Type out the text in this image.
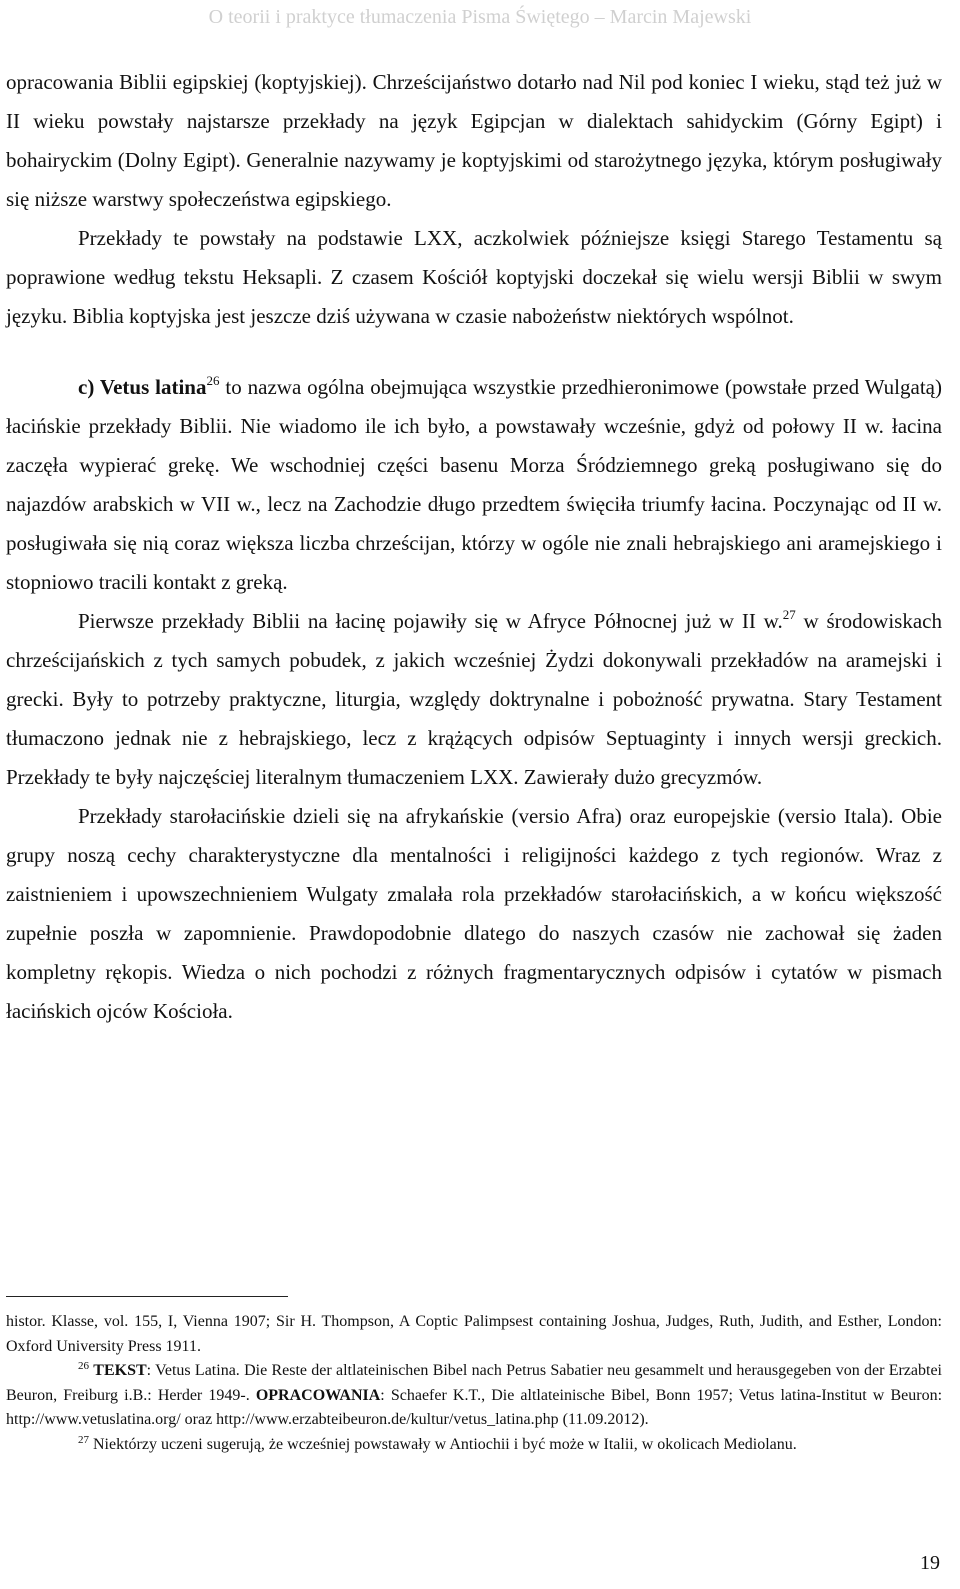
O teorii i praktyce tłumaczenia Pisma Świętego – Marcin Majewski

opracowania Biblii egipskiej (koptyjskiej). Chrześcijaństwo dotarło nad Nil pod koniec I wieku, stąd też już w II wieku powstały najstarsze przekłady na język Egipcjan w dialektach sahidyckim (Górny Egipt) i bohairyckim (Dolny Egipt). Generalnie nazywamy je koptyjskimi od starożytnego języka, którym posługiwały się niższe warstwy społeczeństwa egipskiego.

Przekłady te powstały na podstawie LXX, aczkolwiek późniejsze księgi Starego Testamentu są poprawione według tekstu Heksapli. Z czasem Kościół koptyjski doczekał się wielu wersji Biblii w swym języku. Biblia koptyjska jest jeszcze dziś używana w czasie nabożeństw niektórych wspólnot.

c) Vetus latina$^{26}$ to nazwa ogólna obejmująca wszystkie przedhieronimowe (powstałe przed Wulgatą) łacińskie przekłady Biblii. Nie wiadomo ile ich było, a powstawały wcześnie, gdyż od połowy II w. łacina zaczęła wypierać grekę. We wschodniej części basenu Morza Śródziemnego greką posługiwano się do najazdów arabskich w VII w., lecz na Zachodzie długo przedtem święciła triumfy łacina. Poczynając od II w. posługiwała się nią coraz większa liczba chrześcijan, którzy w ogóle nie znali hebrajskiego ani aramejskiego i stopniowo tracili kontakt z greką.

Pierwsze przekłady Biblii na łacinę pojawiły się w Afryce Północnej już w II w.$^{27}$ w środowiskach chrześcijańskich z tych samych pobudek, z jakich wcześniej Żydzi dokonywali przekładów na aramejski i grecki. Były to potrzeby praktyczne, liturgia, względy doktrynalne i pobożność prywatna. Stary Testament tłumaczono jednak nie z hebrajskiego, lecz z krążących odpisów Septuaginty i innych wersji greckich. Przekłady te były najczęściej literalnym tłumaczeniem LXX. Zawierały dużo grecyzmów.

Przekłady starołacińskie dzieli się na afrykańskie (versio Afra) oraz europejskie (versio Itala). Obie grupy noszą cechy charakterystyczne dla mentalności i religijności każdego z tych regionów. Wraz z zaistnieniem i upowszechnieniem Wulgaty zmalała rola przekładów starołacińskich, a w końcu większość zupełnie poszła w zapomnienie. Prawdopodobnie dlatego do naszych czasów nie zachował się żaden kompletny rękopis. Wiedza o nich pochodzi z różnych fragmentarycznych odpisów i cytatów w pismach łacińskich ojców Kościoła.

histor. Klasse, vol. 155, I, Vienna 1907; Sir H. Thompson, A Coptic Palimpsest containing Joshua, Judges, Ruth, Judith, and Esther, London: Oxford University Press 1911.

$^{26}$ TEKST: Vetus Latina. Die Reste der altlateinischen Bibel nach Petrus Sabatier neu gesammelt und herausgegeben von der Erzabtei Beuron, Freiburg i.B.: Herder 1949-. OPRACOWANIA: Schaefer K.T., Die altlateinische Bibel, Bonn 1957; Vetus latina-Institut w Beuron: http://www.vetuslatina.org/ oraz http://www.erzabteibeuron.de/kultur/vetus_latina.php (11.09.2012).

$^{27}$ Niektórzy uczeni sugerują, że wcześniej powstawały w Antiochii i być może w Italii, w okolicach Mediolanu.

19
